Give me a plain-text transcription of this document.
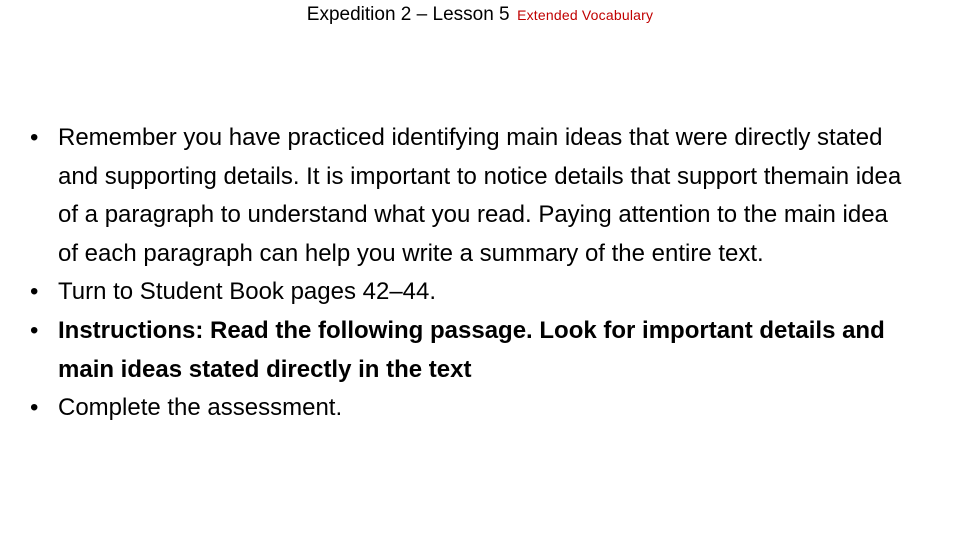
Expedition 2 – Lesson 5 Extended Vocabulary
• Remember you have practiced identifying main ideas that were directly stated and supporting details. It is important to notice details that support themain idea of a paragraph to understand what you read. Paying attention to the main idea of each paragraph can help you write a summary of the entire text.
• Turn to Student Book pages 42–44.
• Instructions: Read the following passage. Look for important details and main ideas stated directly in the text
• Complete the assessment.
